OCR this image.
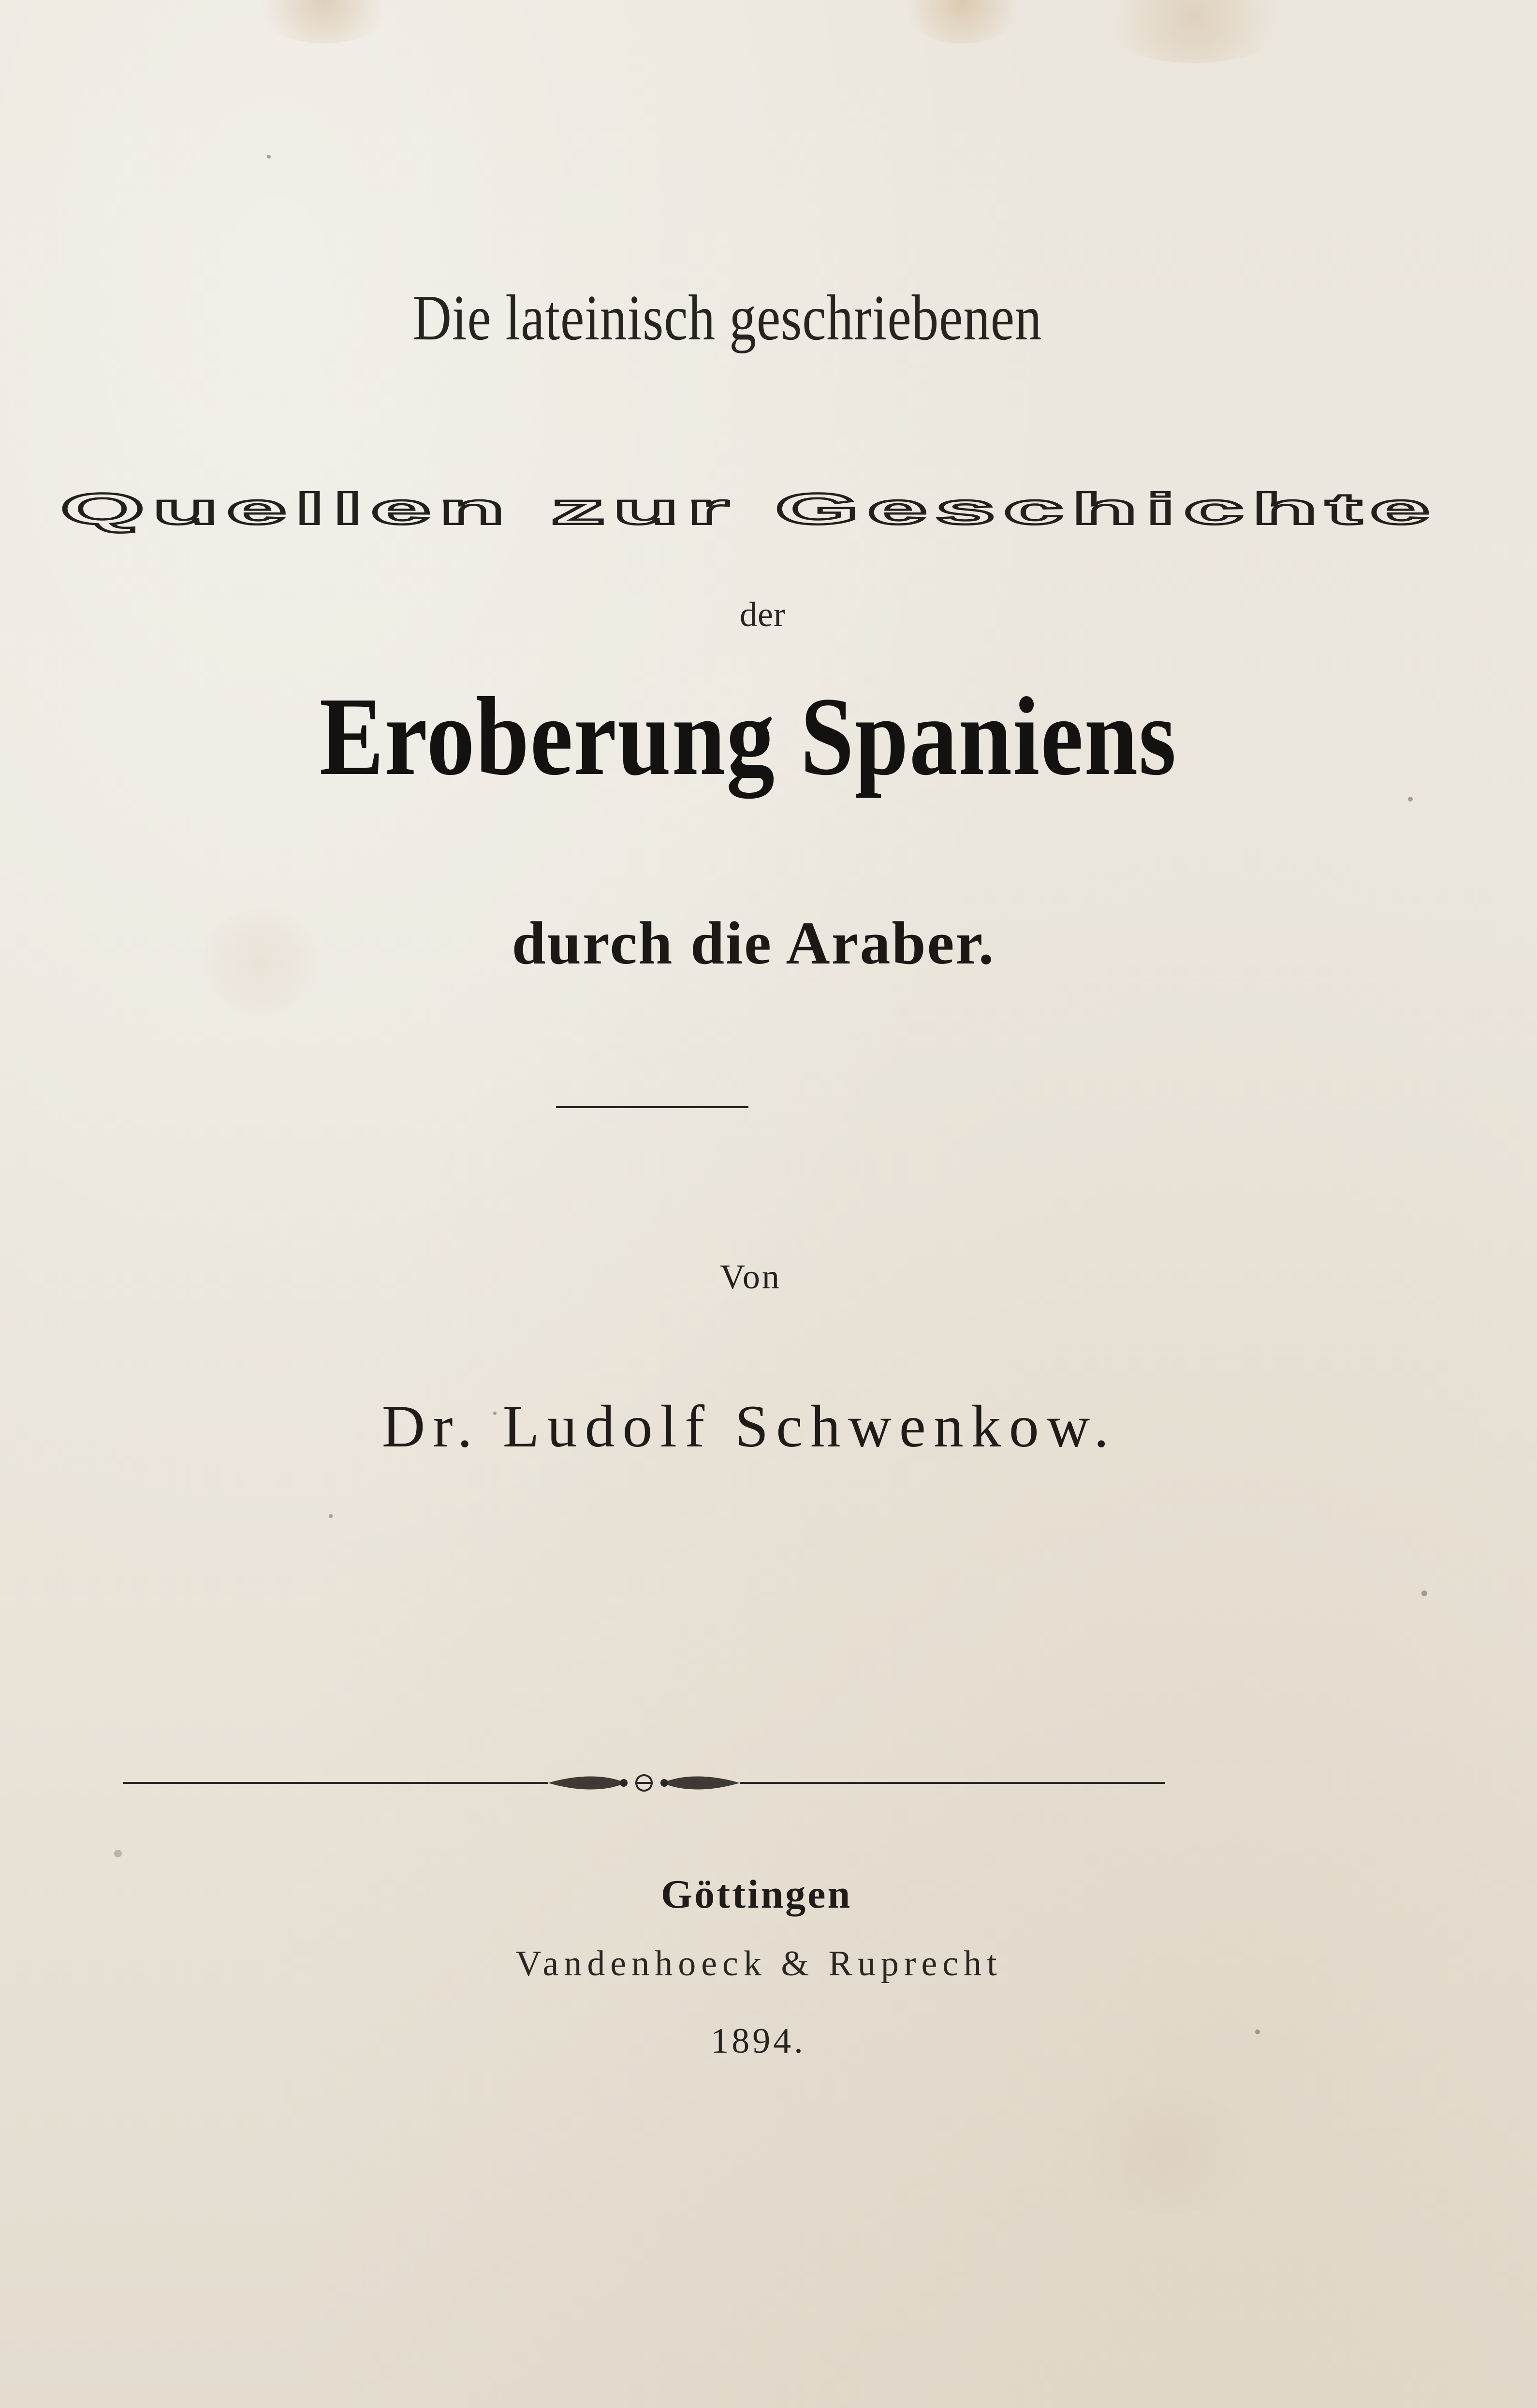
Die lateinisch geschriebenen
Quellen zur Geschichte
der
Eroberung Spaniens
durch die Araber.
Von
Dr. Ludolf Schwenkow.
Göttingen
Vandenhoeck & Ruprecht
1894.
